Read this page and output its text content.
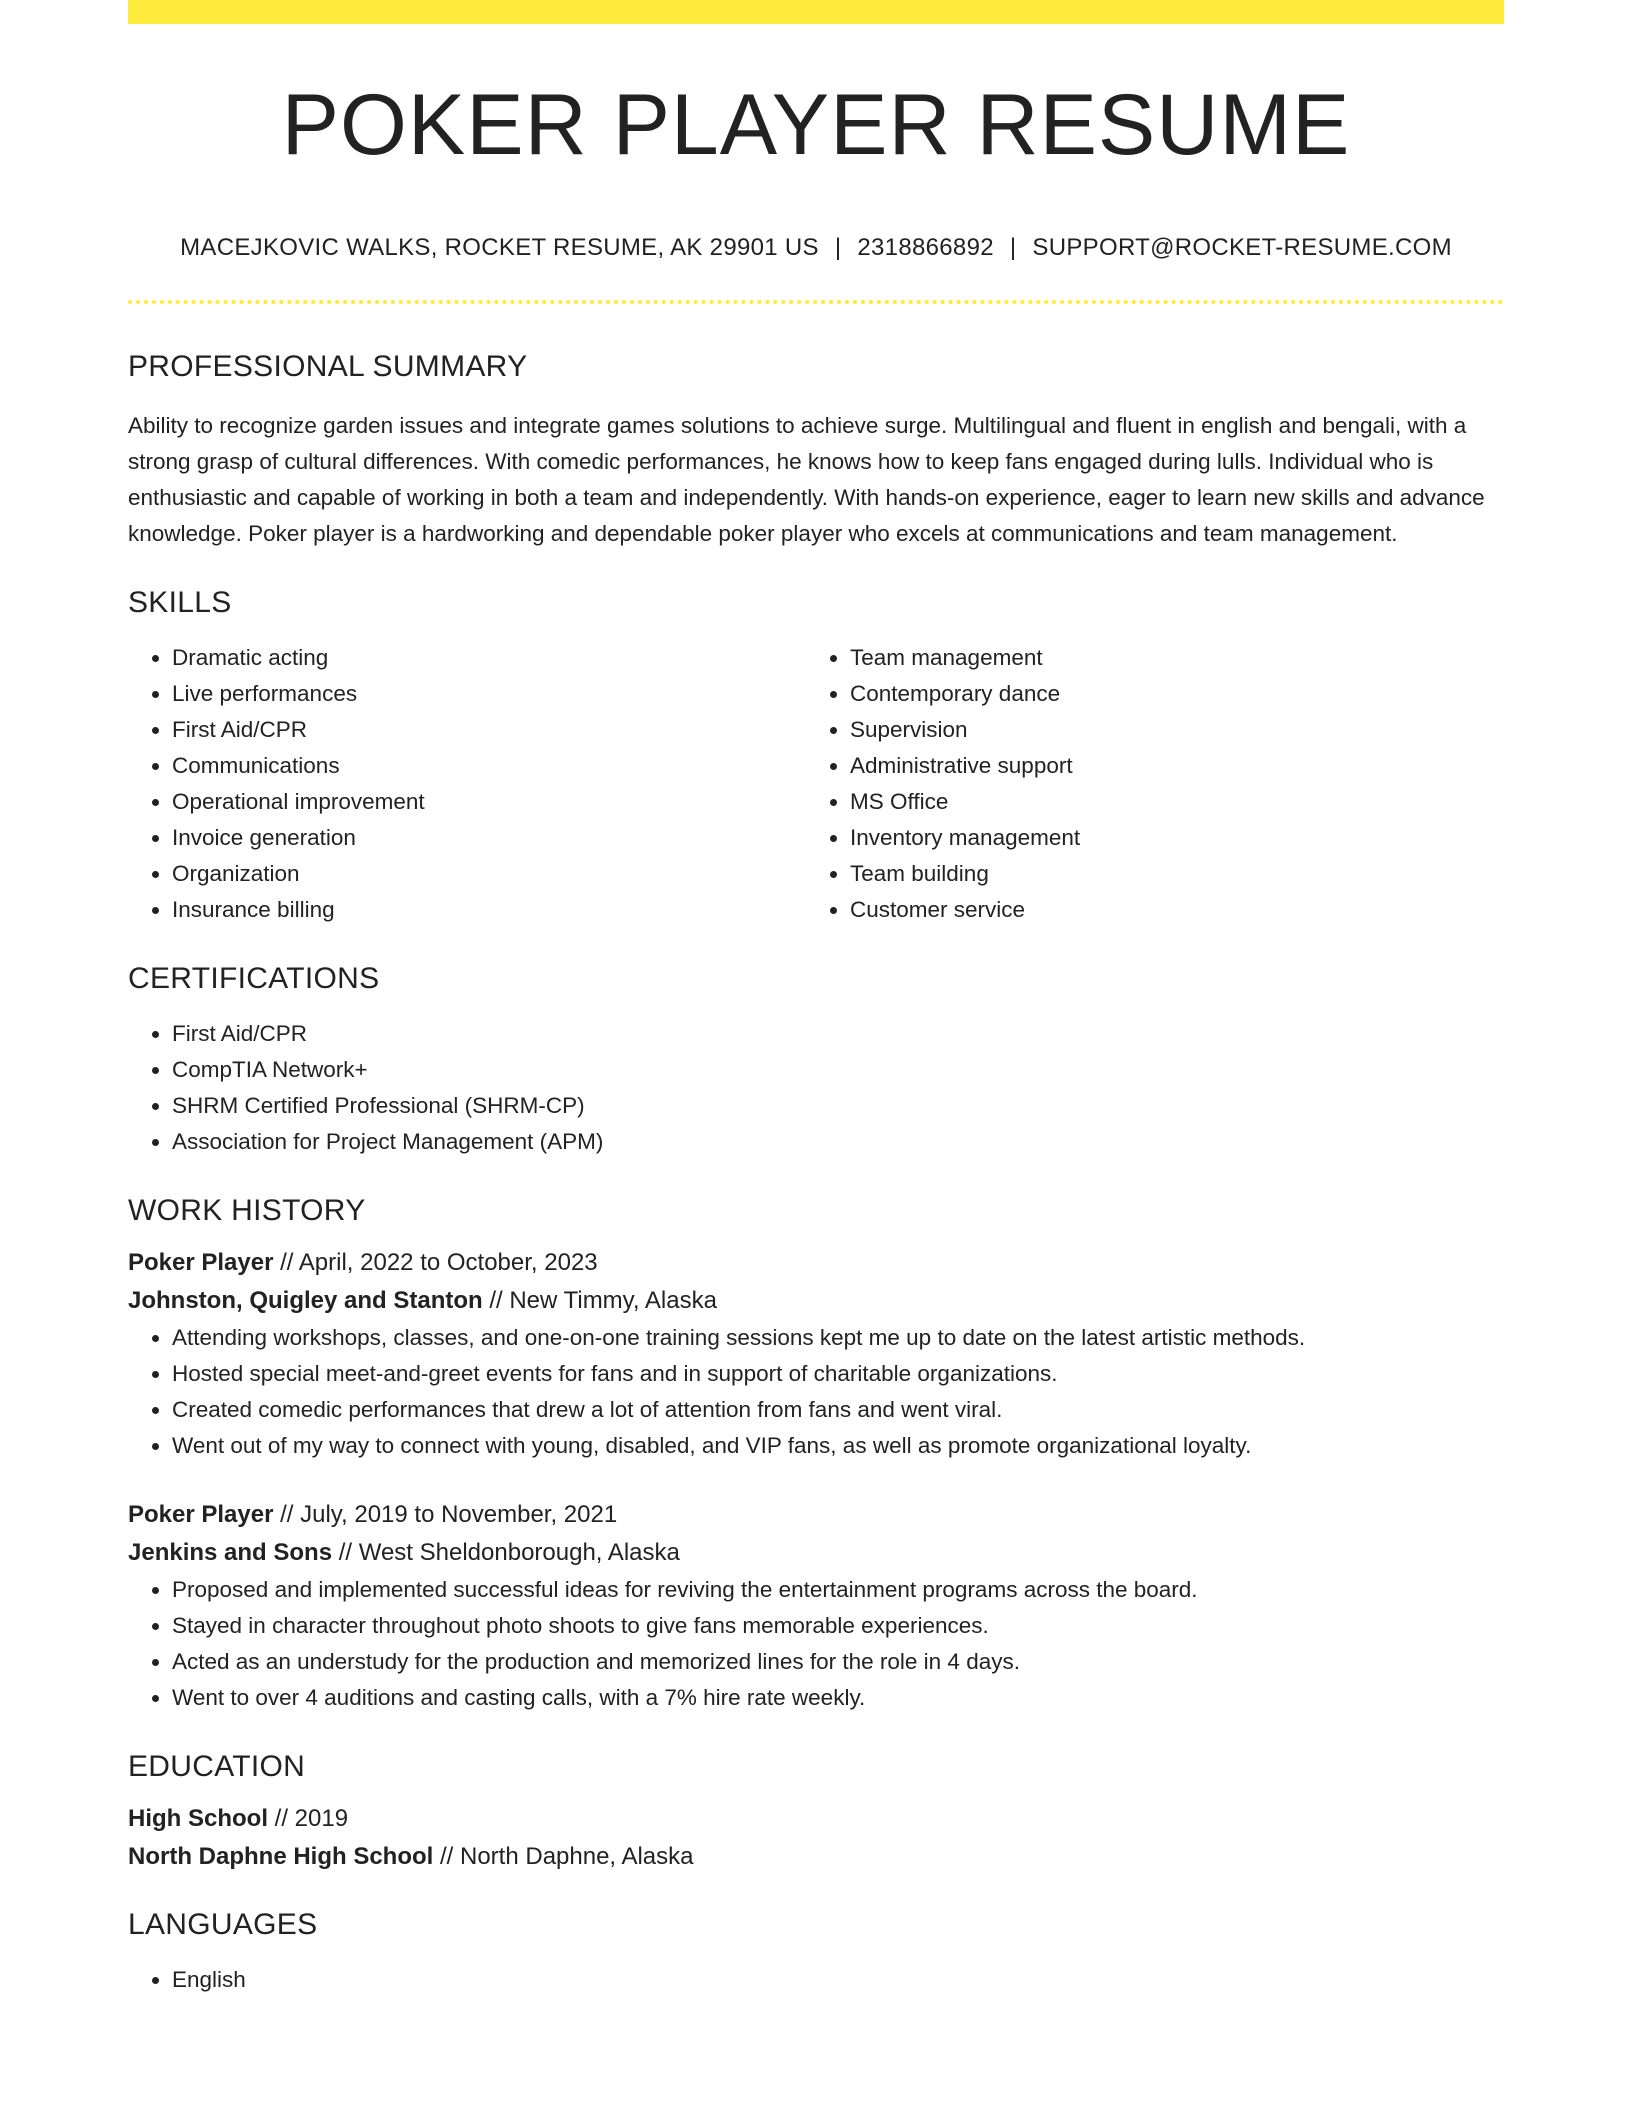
POKER PLAYER RESUME
MACEJKOVIC WALKS, ROCKET RESUME, AK 29901 US | 2318866892 | SUPPORT@ROCKET-RESUME.COM
PROFESSIONAL SUMMARY

Ability to recognize garden issues and integrate games solutions to achieve surge. Multilingual and fluent in english and bengali, with a strong grasp of cultural differences. With comedic performances, he knows how to keep fans engaged during lulls. Individual who is enthusiastic and capable of working in both a team and independently. With hands-on experience, eager to learn new skills and advance knowledge. Poker player is a hardworking and dependable poker player who excels at communications and team management.

SKILLS
• Dramatic acting
• Live performances
• First Aid/CPR
• Communications
• Operational improvement
• Invoice generation
• Organization
• Insurance billing
• Team management
• Contemporary dance
• Supervision
• Administrative support
• MS Office
• Inventory management
• Team building
• Customer service
CERTIFICATIONS
• First Aid/CPR
• CompTIA Network+
• SHRM Certified Professional (SHRM-CP)
• Association for Project Management (APM)
WORK HISTORY
Poker Player // April, 2022 to October, 2023
Johnston, Quigley and Stanton // New Timmy, Alaska
• Attending workshops, classes, and one-on-one training sessions kept me up to date on the latest artistic methods.
• Hosted special meet-and-greet events for fans and in support of charitable organizations.
• Created comedic performances that drew a lot of attention from fans and went viral.
• Went out of my way to connect with young, disabled, and VIP fans, as well as promote organizational loyalty.
Poker Player // July, 2019 to November, 2021
Jenkins and Sons // West Sheldonborough, Alaska
• Proposed and implemented successful ideas for reviving the entertainment programs across the board.
• Stayed in character throughout photo shoots to give fans memorable experiences.
• Acted as an understudy for the production and memorized lines for the role in 4 days.
• Went to over 4 auditions and casting calls, with a 7% hire rate weekly.
EDUCATION
High School // 2019
North Daphne High School // North Daphne, Alaska
LANGUAGES
• English
